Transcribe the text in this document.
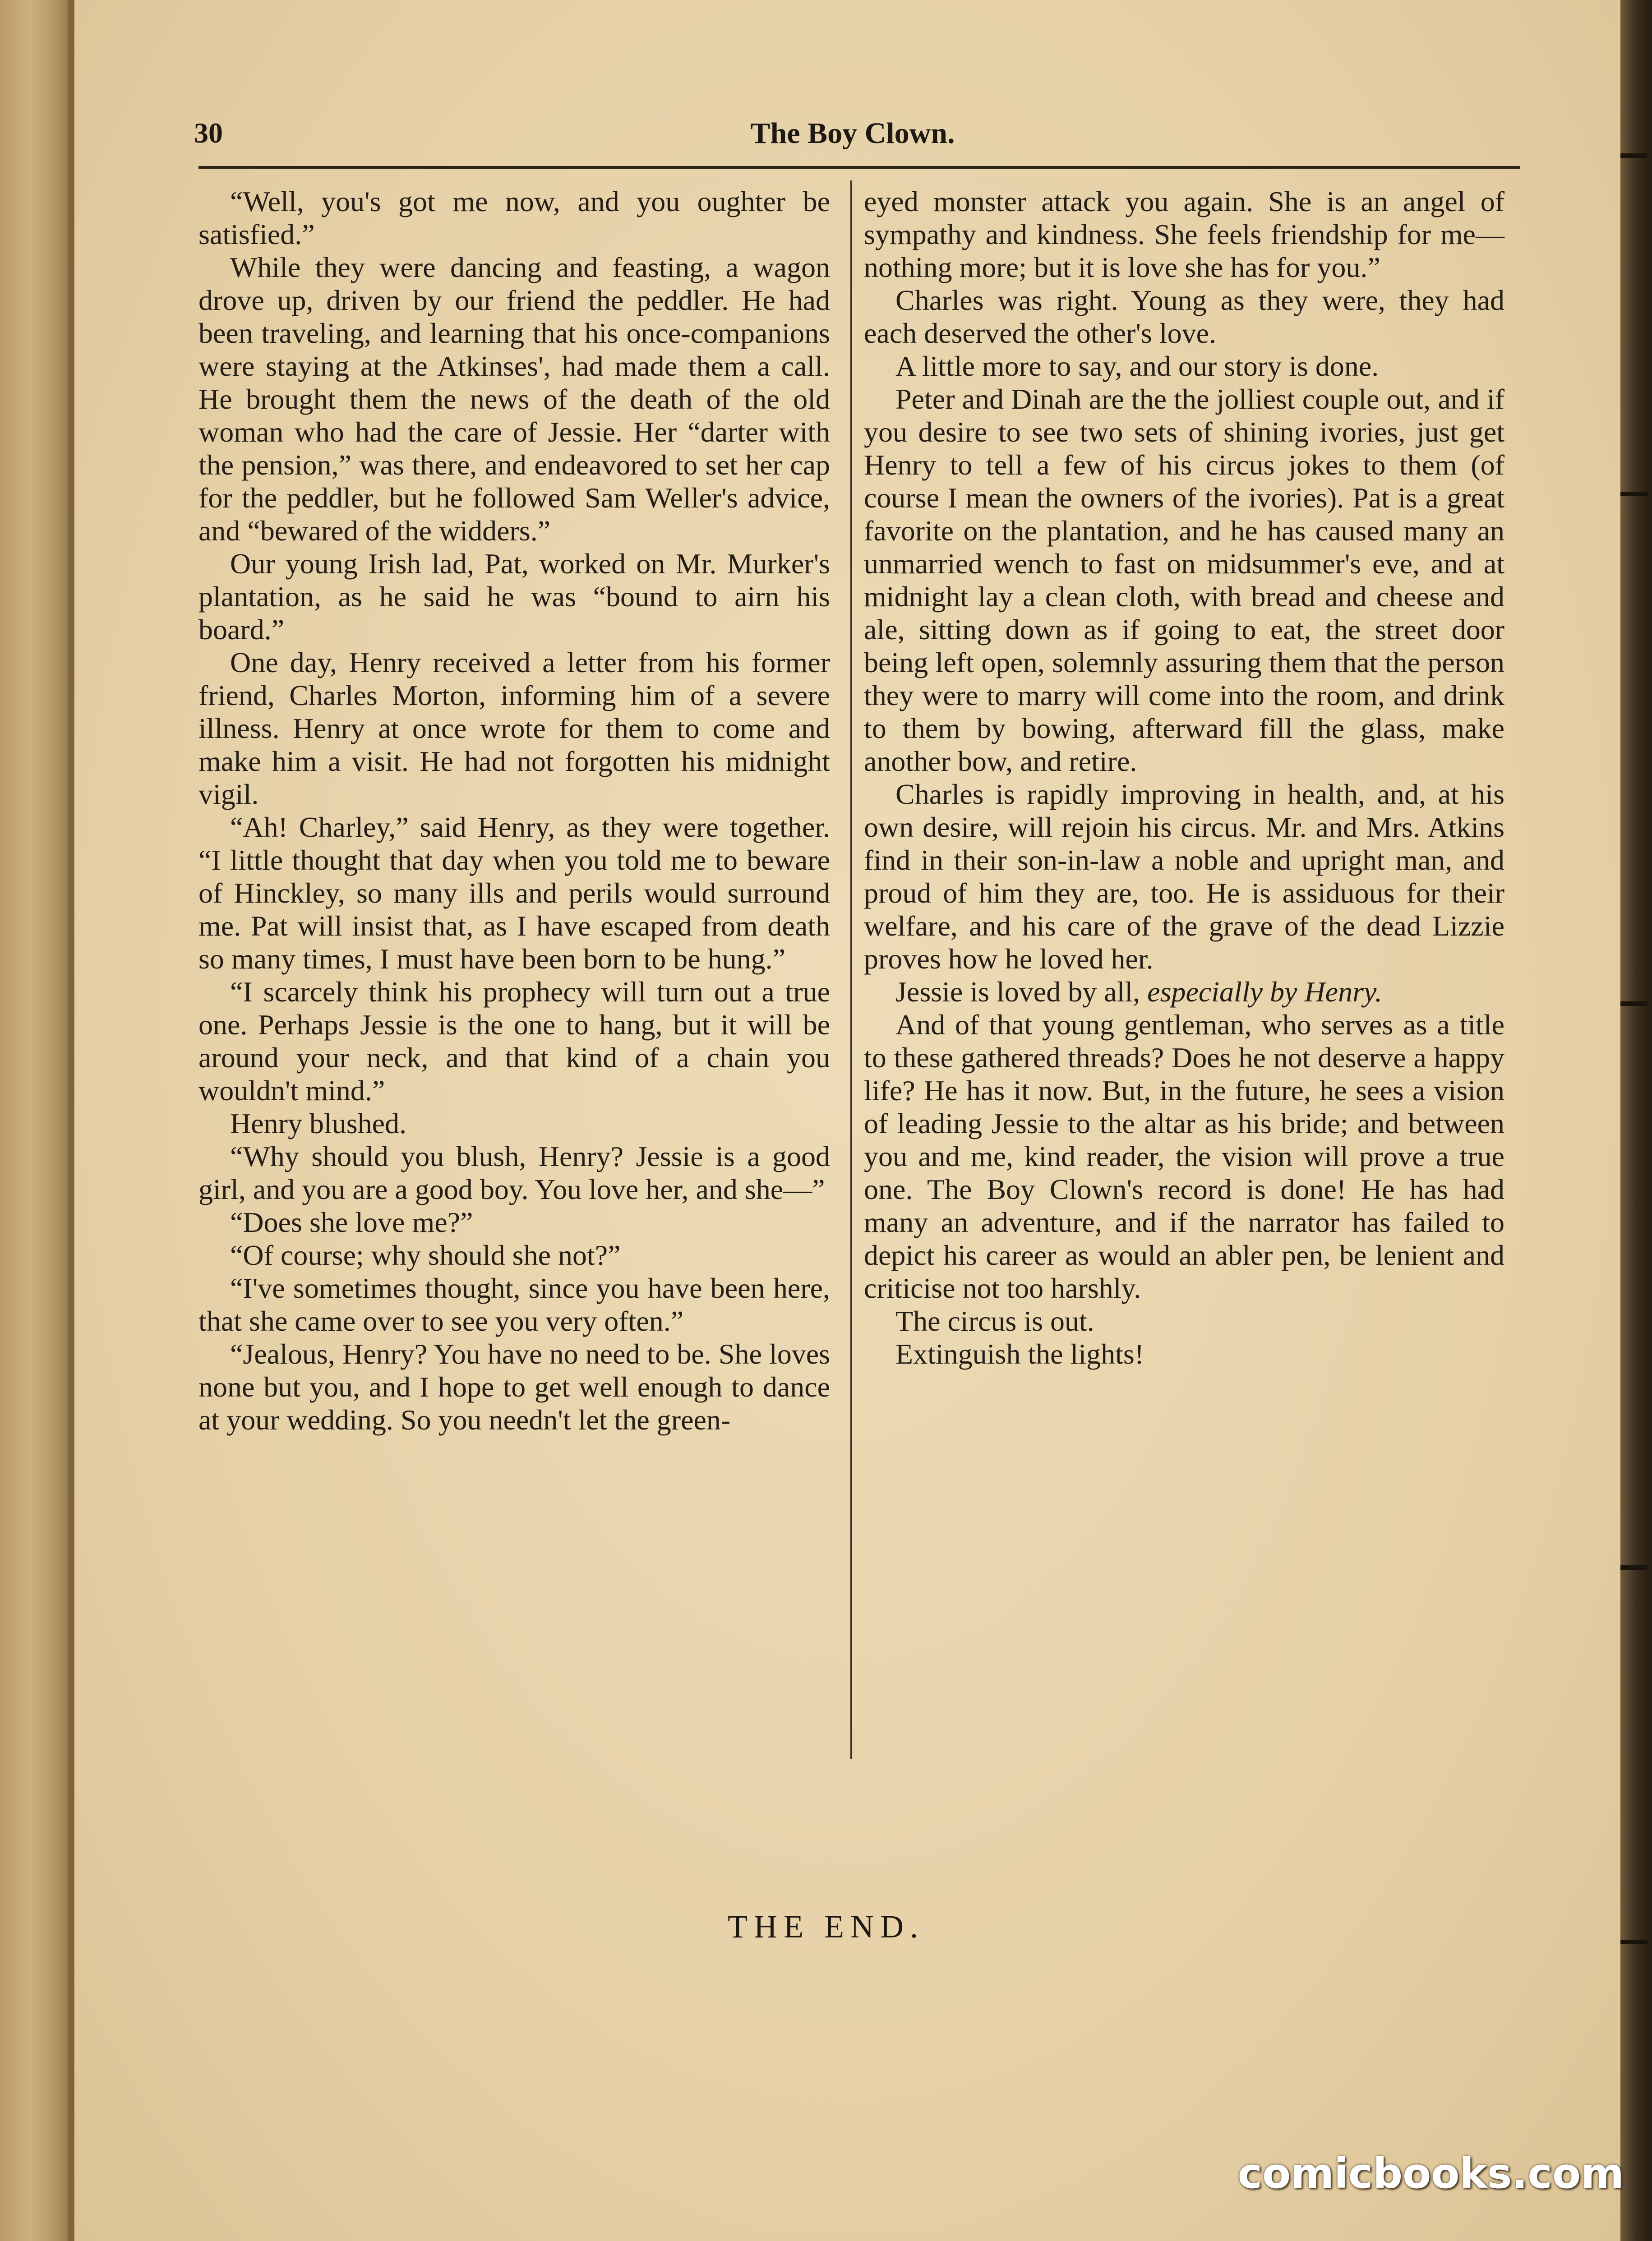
30	The Boy Clown.

“Well, you's got me now, and you oughter be satisfied.”

While they were dancing and feasting, a wagon drove up, driven by our friend the peddler. He had been traveling, and learning that his once-companions were staying at the Atkinses', had made them a call. He brought them the news of the death of the old woman who had the care of Jessie. Her “darter with the pension,” was there, and endeavored to set her cap for the peddler, but he followed Sam Weller's advice, and “bewared of the widders.”

Our young Irish lad, Pat, worked on Mr. Murker's plantation, as he said he was “bound to airn his board.”

One day, Henry received a letter from his former friend, Charles Morton, informing him of a severe illness. Henry at once wrote for them to come and make him a visit. He had not forgotten his midnight vigil.

“Ah! Charley,” said Henry, as they were together. “I little thought that day when you told me to beware of Hinckley, so many ills and perils would surround me. Pat will insist that, as I have escaped from death so many times, I must have been born to be hung.”

“I scarcely think his prophecy will turn out a true one. Perhaps Jessie is the one to hang, but it will be around your neck, and that kind of a chain you wouldn't mind.”

Henry blushed.

“Why should you blush, Henry? Jessie is a good girl, and you are a good boy. You love her, and she—”

“Does she love me?”

“Of course; why should she not?”

“I've sometimes thought, since you have been here, that she came over to see you very often.”

“Jealous, Henry? You have no need to be. She loves none but you, and I hope to get well enough to dance at your wedding. So you needn't let the green-

eyed monster attack you again. She is an angel of sympathy and kindness. She feels friendship for me—nothing more; but it is love she has for you.”

Charles was right. Young as they were, they had each deserved the other's love.

A little more to say, and our story is done.

Peter and Dinah are the the jolliest couple out, and if you desire to see two sets of shining ivories, just get Henry to tell a few of his circus jokes to them (of course I mean the owners of the ivories). Pat is a great favorite on the plantation, and he has caused many an unmarried wench to fast on midsummer's eve, and at midnight lay a clean cloth, with bread and cheese and ale, sitting down as if going to eat, the street door being left open, solemnly assuring them that the person they were to marry will come into the room, and drink to them by bowing, afterward fill the glass, make another bow, and retire.

Charles is rapidly improving in health, and, at his own desire, will rejoin his circus. Mr. and Mrs. Atkins find in their son-in-law a noble and upright man, and proud of him they are, too. He is assiduous for their welfare, and his care of the grave of the dead Lizzie proves how he loved her.

Jessie is loved by all, especially by Henry.

And of that young gentleman, who serves as a title to these gathered threads? Does he not deserve a happy life? He has it now. But, in the future, he sees a vision of leading Jessie to the altar as his bride; and between you and me, kind reader, the vision will prove a true one. The Boy Clown's record is done! He has had many an adventure, and if the narrator has failed to depict his career as would an abler pen, be lenient and criticise not too harshly.

The circus is out.

Extinguish the lights!

THE END.
comicbooks.com
